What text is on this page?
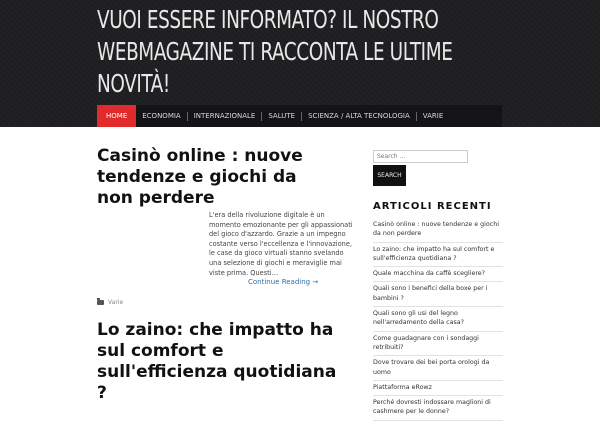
VUOI ESSERE INFORMATO? IL NOSTRO WEBMAGAZINE TI RACCONTA LE ULTIME NOVITÀ!
HOME	ECONOMIA	INTERNAZIONALE	SALUTE	SCIENZA / ALTA TECNOLOGIA	VARIE
Casinò online : nuove tendenze e giochi da non perdere

L'era della rivoluzione digitale è un momento emozionante per gli appassionati del gioco d'azzardo. Grazie a un impegno costante verso l'eccellenza e l'innovazione, le case da gioco virtuali stanno svelando una selezione di giochi e meraviglie mai viste prima. Questi…

Continue Reading →
Varie
Lo zaino: che impatto ha sul comfort e sull'efficienza quotidiana ?
Search ...
SEARCH
ARTICOLI RECENTI
Casinò online : nuove tendenze e giochi da non perdere
Lo zaino: che impatto ha sul comfort e sull'efficienza quotidiana ?
Quale macchina da caffè scegliere?
Quali sono i benefici della boxe per i bambini ?
Quali sono gli usi del legno nell'arredamento della casa?
Come guadagnare con i sondaggi retribuiti?
Dove trovare dei bei porta orologi da uomo
Piattaforma eRowz
Perché dovresti indossare maglioni di cashmere per le donne?
